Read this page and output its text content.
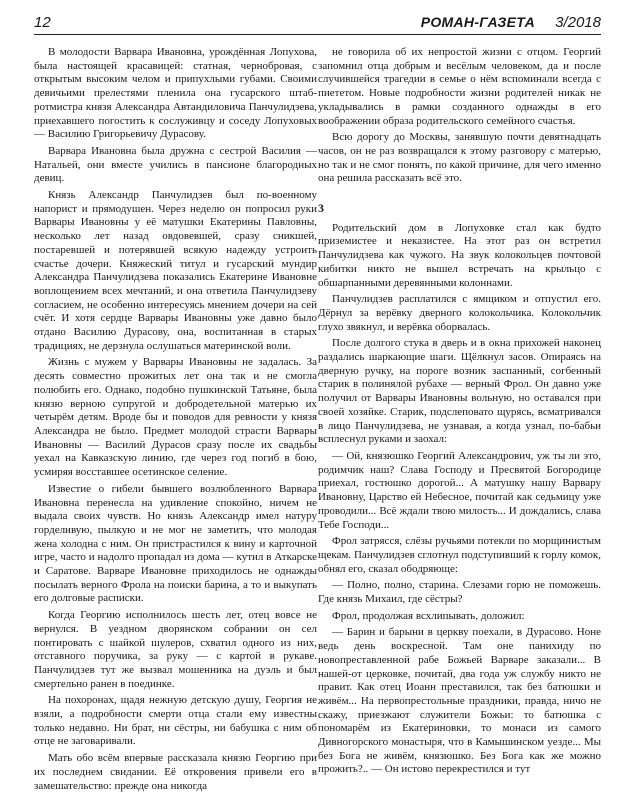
12	РОМАН-ГАЗЕТА 3/2018

В молодости Варвара Ивановна, урождённая Лопухова, была настоящей красавицей: статная, чернобровая, с открытым высоким челом и припухлыми губами. Своими девичьими прелестями пленила она гусарского штаб-ротмистра князя Александра Автандиловича Панчулидзева, приехавшего погостить к сослуживцу и соседу Лопуховых — Василию Григорьевичу Дурасову.

Варвара Ивановна была дружна с сестрой Василия — Натальей, они вместе учились в пансионе благородных девиц.

Князь Александр Панчулидзев был по-военному напорист и прямодушен. Через неделю он попросил руки Варвары Ивановны у её матушки Екатерины Павловны, несколько лет назад овдовевшей, сразу сникшей, постаревшей и потерявшей всякую надежду устроить счастье дочери. Княжеский титул и гусарский мундир Александра Панчулидзева показались Екатерине Ивановне воплощением всех мечтаний, и она ответила Панчулидзеву согласием, не особенно интересуясь мнением дочери на сей счёт. И хотя сердце Варвары Ивановны уже давно было отдано Василию Дурасову, она, воспитанная в старых традициях, не дерзнула ослушаться материнской воли.

Жизнь с мужем у Варвары Ивановны не задалась. За десять совместно прожитых лет она так и не смогла полюбить его. Однако, подобно пушкинской Татьяне, была князю верною супругой и добродетельной матерью их четырём детям. Вроде бы и поводов для ревности у князя Александра не было. Предмет молодой страсти Варвары Ивановны — Василий Дурасов сразу после их свадьбы уехал на Кавказскую линию, где через год погиб в бою, усмиряя восставшее осетинское селение.

Известие о гибели бывшего возлюбленного Варвара Ивановна перенесла на удивление спокойно, ничем не выдала своих чувств. Но князь Александр имел натуру горделивую, пылкую и не мог не заметить, что молодая жена холодна с ним. Он пристрастился к вину и карточной игре, часто и надолго пропадал из дома — кутил в Аткарске и Саратове. Варваре Ивановне приходилось не однажды посылать верного Фрола на поиски барина, а то и выкупать его долговые расписки.

Когда Георгию исполнилось шесть лет, отец вовсе не вернулся. В уездном дворянском собрании он сел понтировать с шайкой шулеров, схватил одного из них, отставного поручика, за руку — с картой в рукаве. Панчулидзев тут же вызвал мошенника на дуэль и был смертельно ранен в поединке.

На похоронах, щадя нежную детскую душу, Георгия не взяли, а подробности смерти отца стали ему известны только недавно. Ни брат, ни сёстры, ни бабушка с ним об отце не заговаривали.

Мать обо всём впервые рассказала князю Георгию при их последнем свидании. Её откровения привели его в замешательство: прежде она никогда

не говорила об их непростой жизни с отцом. Георгий запомнил отца добрым и весёлым человеком, да и после случившейся трагедии в семье о нём вспоминали всегда с пиететом. Новые подробности жизни родителей никак не укладывались в рамки созданного однажды в его воображении образа родительского семейного счастья.

Всю дорогу до Москвы, занявшую почти девятнадцать часов, он не раз возвращался к этому разговору с матерью, но так и не смог понять, по какой причине, для чего именно она решила рассказать всё это.

3

Родительский дом в Лопуховке стал как будто приземистее и неказистее. На этот раз он встретил Панчулидзева как чужого. На звук колокольцев почтовой кибитки никто не вышел встречать на крыльцо с обшарпанными деревянными колоннами.

Панчулидзев расплатился с ямщиком и отпустил его. Дёрнул за верёвку дверного колокольчика. Колокольчик глухо звякнул, и верёвка оборвалась.

После долгого стука в дверь и в окна прихожей наконец раздались шаркающие шаги. Щёлкнул засов. Опираясь на дверную ручку, на пороге возник заспанный, согбенный старик в полинялой рубахе — верный Фрол. Он давно уже получил от Варвары Ивановны вольную, но оставался при своей хозяйке. Старик, подслеповато щурясь, всматривался в лицо Панчулидзева, не узнавая, а когда узнал, по-бабьи всплеснул руками и заохал:

— Ой, князюшко Георгий Александрович, уж ты ли это, родимчик наш? Слава Господу и Пресвятой Богородице приехал, гостюшко дорогой... А матушку нашу Варвару Ивановну, Царство ей Небесное, почитай как седьмицу уже проводили... Всё ждали твою милость... И дождались, слава Тебе Господи...

Фрол затрясся, слёзы ручьями потекли по морщинистым щекам. Панчулидзев сглотнул подступивший к горлу комок, обнял его, сказал ободряюще:

— Полно, полно, старина. Слезами горю не поможешь. Где князь Михаил, где сёстры?

Фрол, продолжая всхлипывать, доложил:

— Барин и барыни в церкву поехали, в Дурасово. Ноне ведь день воскресной. Там оне панихиду по новопреставленной рабе Божьей Варваре заказали... В нашей-от церковке, почитай, два года уж службу никто не правит. Как отец Иоанн преставился, так без батюшки и живём... На первопрестольные праздники, правда, ничо не скажу, приезжают служители Божьи: то батюшка с пономарём из Екатериновки, то монаси из самого Дивногорского монастыря, что в Камышинском уезде... Мы без Бога не живём, князюшко. Без Бога как же можно прожить?.. — Он истово перекрестился и тут
